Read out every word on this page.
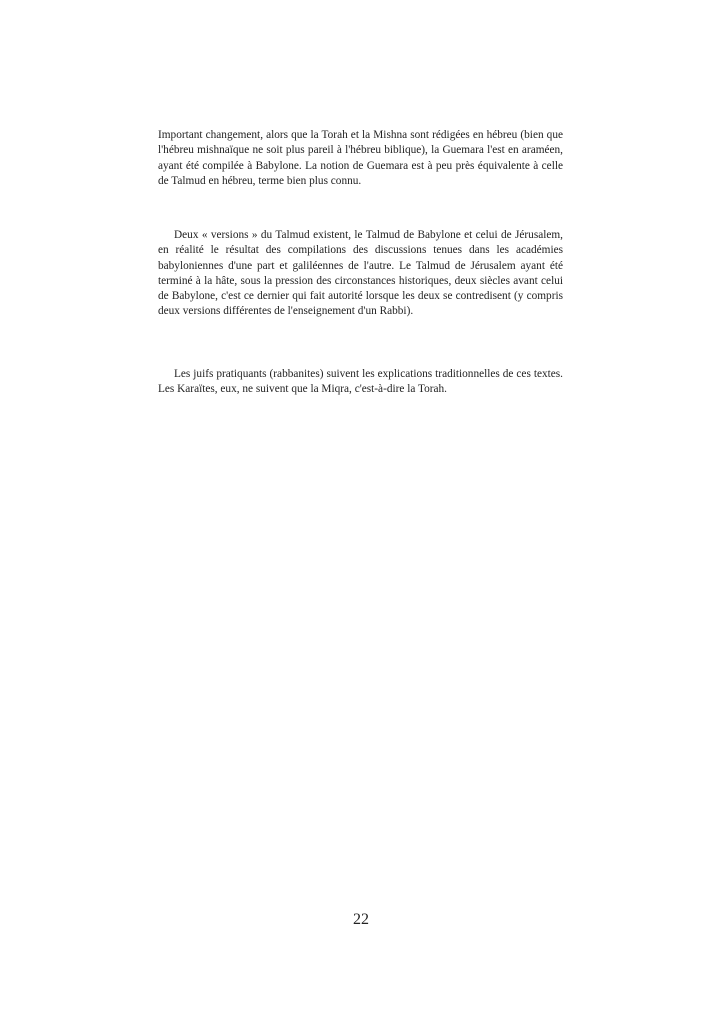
Important changement, alors que la Torah et la Mishna sont rédigées en hébreu (bien que l'hébreu mishnaïque ne soit plus pareil à l'hébreu biblique), la Guemara l'est en araméen, ayant été compilée à Babylone. La notion de Guemara est à peu près équivalente à celle de Talmud en hébreu, terme bien plus connu.

Deux « versions » du Talmud existent, le Talmud de Babylone et celui de Jérusalem, en réalité le résultat des compilations des discussions tenues dans les académies babyloniennes d'une part et galiléennes de l'autre. Le Talmud de Jérusalem ayant été terminé à la hâte, sous la pression des circonstances historiques, deux siècles avant celui de Babylone, c'est ce dernier qui fait autorité lorsque les deux se contredisent (y compris deux versions différentes de l'enseignement d'un Rabbi).

Les juifs pratiquants (rabbanites) suivent les explications traditionnelles de ces textes. Les Karaïtes, eux, ne suivent que la Miqra, c'est-à-dire la Torah.

22
